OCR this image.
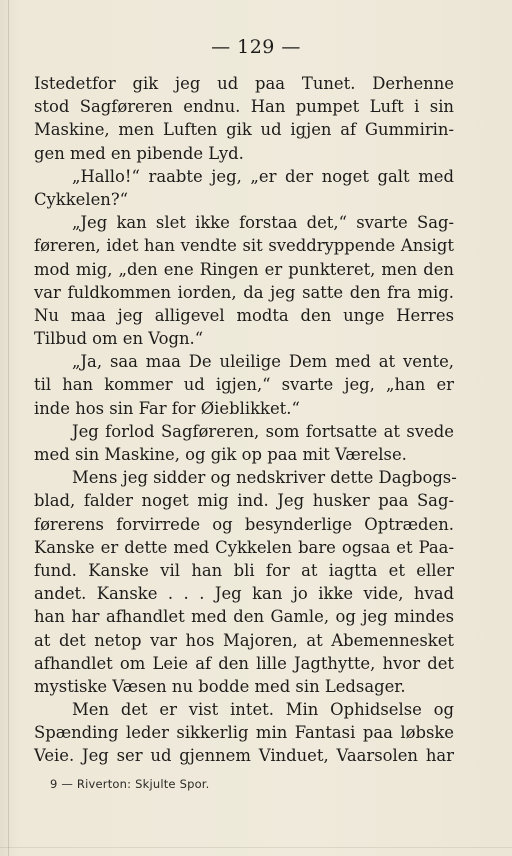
— 129 —
Istedetfor gik jeg ud paa Tunet. Derhenne
stod Sagføreren endnu. Han pumpet Luft i sin
Maskine, men Luften gik ud igjen af Gummirin-
gen med en pibende Lyd.
„Hallo!“ raabte jeg, „er der noget galt med
Cykkelen?“
„Jeg kan slet ikke forstaa det,“ svarte Sag-
føreren, idet han vendte sit sveddryppende Ansigt
mod mig, „den ene Ringen er punkteret, men den
var fuldkommen iorden, da jeg satte den fra mig.
Nu maa jeg alligevel modta den unge Herres
Tilbud om en Vogn.“
„Ja, saa maa De uleilige Dem med at vente,
til han kommer ud igjen,“ svarte jeg, „han er
inde hos sin Far for Øieblikket.“
Jeg forlod Sagføreren, som fortsatte at svede
med sin Maskine, og gik op paa mit Værelse.
Mens jeg sidder og nedskriver dette Dagbogs-
blad, falder noget mig ind. Jeg husker paa Sag-
førerens forvirrede og besynderlige Optræden.
Kanske er dette med Cykkelen bare ogsaa et Paa-
fund. Kanske vil han bli for at iagtta et eller
andet. Kanske . . . Jeg kan jo ikke vide, hvad
han har afhandlet med den Gamle, og jeg mindes
at det netop var hos Majoren, at Abemennesket
afhandlet om Leie af den lille Jagthytte, hvor det
mystiske Væsen nu bodde med sin Ledsager.
Men det er vist intet. Min Ophidselse og
Spænding leder sikkerlig min Fantasi paa løbske
Veie. Jeg ser ud gjennem Vinduet, Vaarsolen har
9 — Riverton: Skjulte Spor.
